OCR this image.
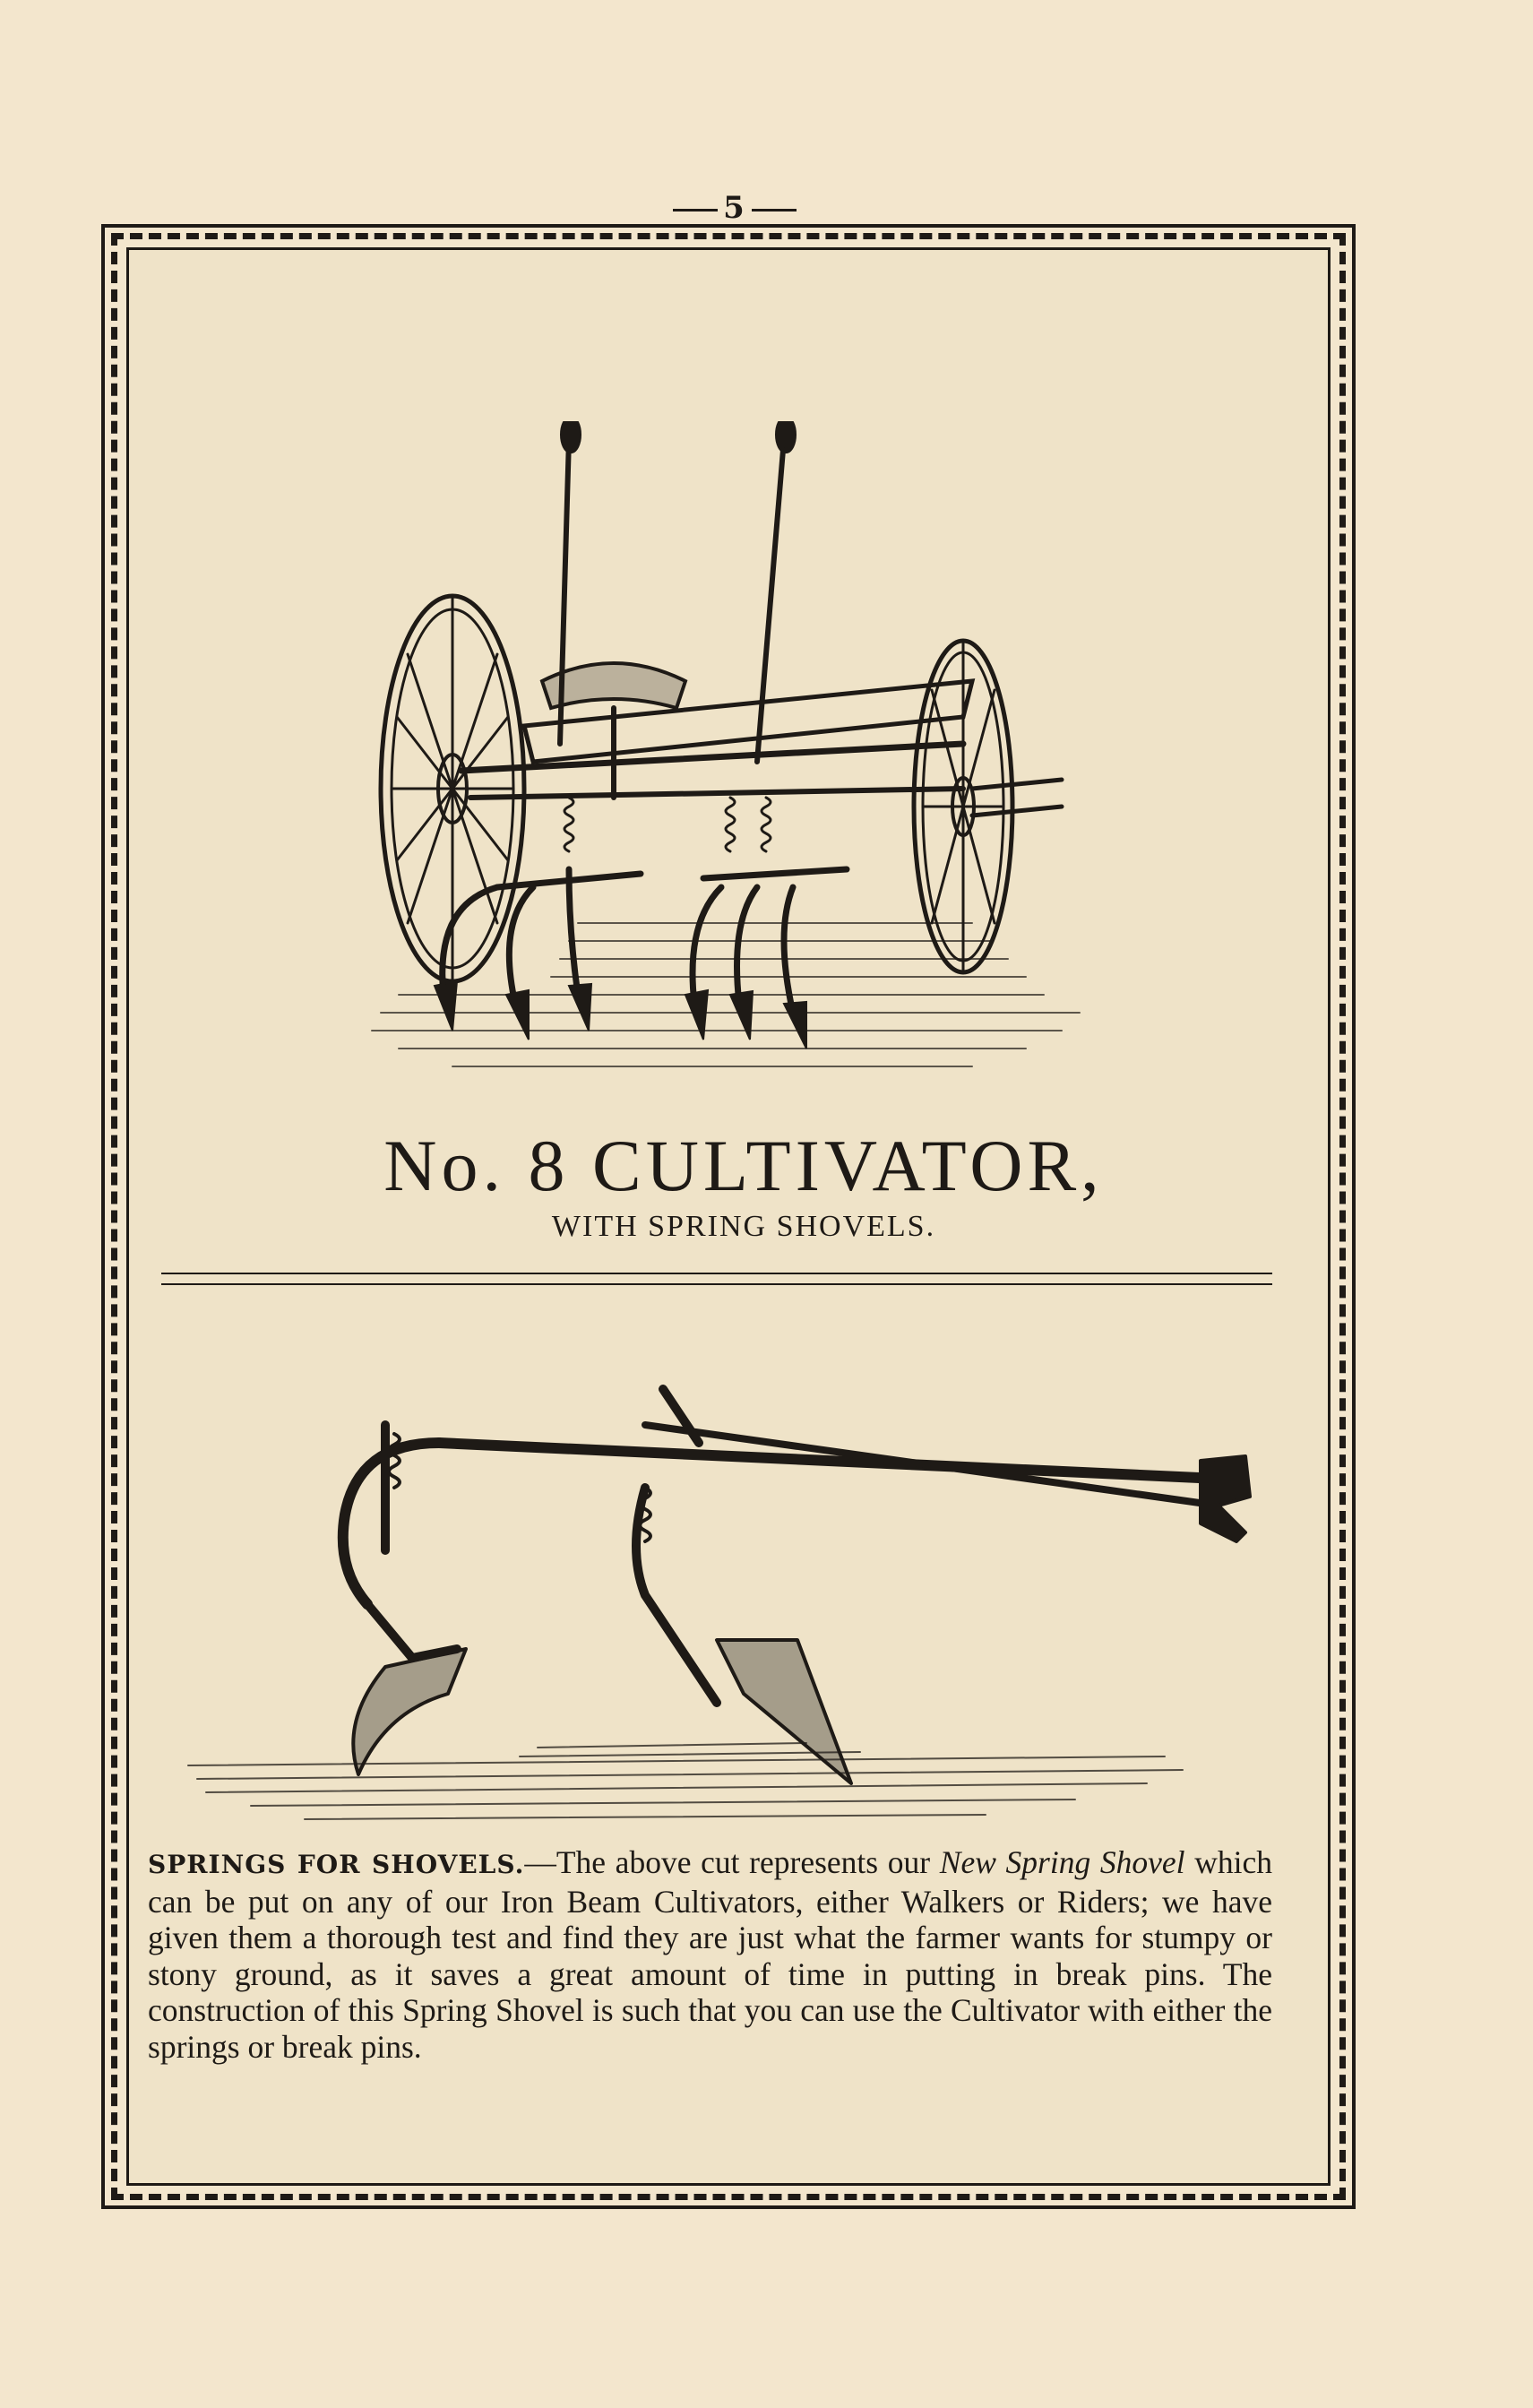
5
No. 8 CULTIVATOR,
WITH SPRING SHOVELS.
SPRINGS FOR SHOVELS.—The above cut represents our New Spring Shovel which can be put on any of our Iron Beam Cultivators, either Walkers or Riders; we have given them a thorough test and find they are just what the farmer wants for stumpy or stony ground, as it saves a great amount of time in putting in break pins. The construction of this Spring Shovel is such that you can use the Cultivator with either the springs or break pins.
